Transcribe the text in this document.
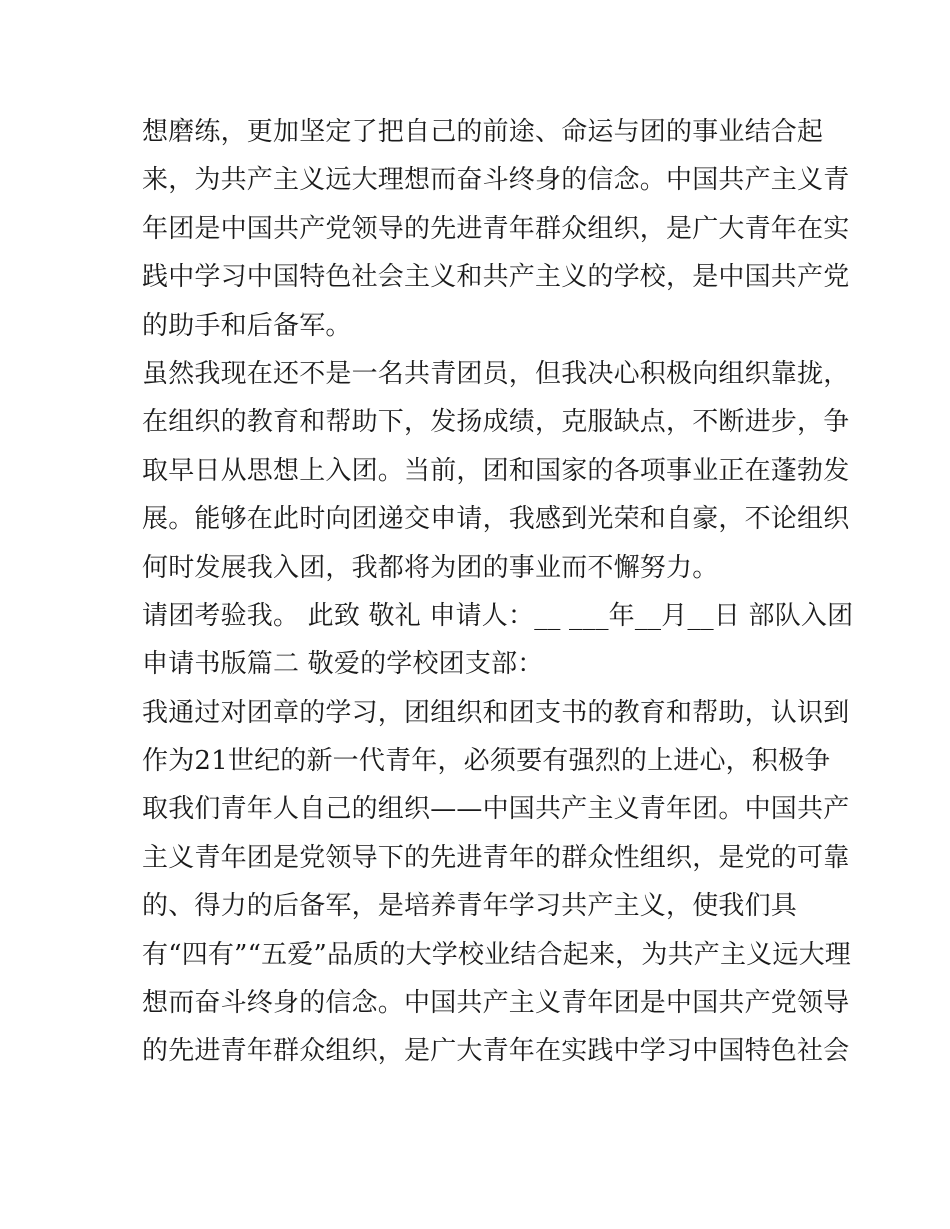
想磨练，更加坚定了把自己的前途、命运与团的事业结合起
来，为共产主义远大理想而奋斗终身的信念。中国共产主义青
年团是中国共产党领导的先进青年群众组织，是广大青年在实
践中学习中国特色社会主义和共产主义的学校，是中国共产党
的助手和后备军。
虽然我现在还不是一名共青团员，但我决心积极向组织靠拢，
在组织的教育和帮助下，发扬成绩，克服缺点，不断进步，争
取早日从思想上入团。当前，团和国家的各项事业正在蓬勃发
展。能够在此时向团递交申请，我感到光荣和自豪，不论组织
何时发展我入团，我都将为团的事业而不懈努力。
请团考验我。 此致 敬礼 申请人：__ ___年__月__日 部队入团
申请书版篇二 敬爱的学校团支部：
我通过对团章的学习，团组织和团支书的教育和帮助，认识到
作为21世纪的新一代青年，必须要有强烈的上进心，积极争
取我们青年人自己的组织——中国共产主义青年团。中国共产
主义青年团是党领导下的先进青年的群众性组织，是党的可靠
的、得力的后备军，是培养青年学习共产主义，使我们具
有“四有”“五爱”品质的大学校业结合起来，为共产主义远大理
想而奋斗终身的信念。中国共产主义青年团是中国共产党领导
的先进青年群众组织，是广大青年在实践中学习中国特色社会
